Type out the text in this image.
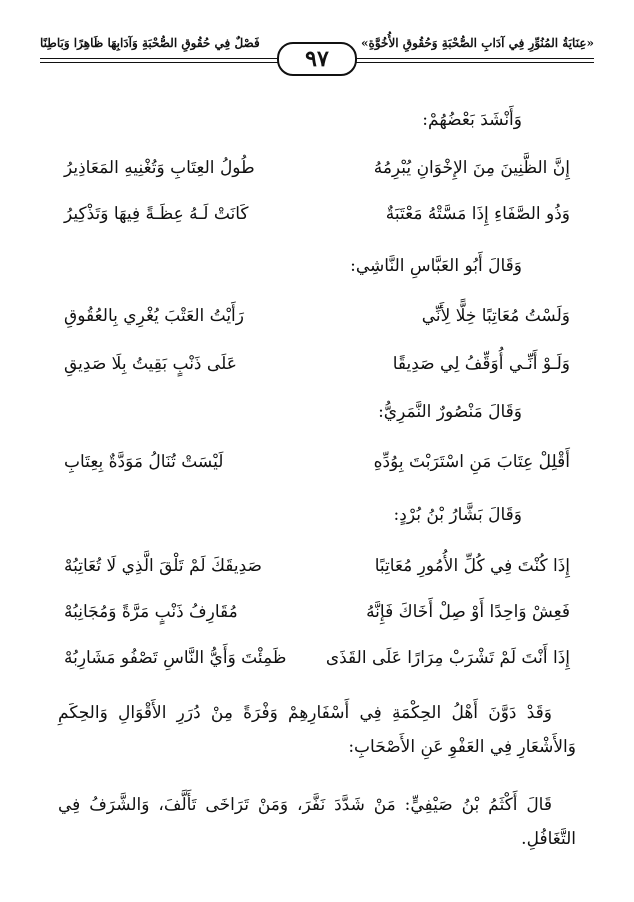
«عِنَايَةُ المُنُوِّرِ فِي آدَابِ الصُّحْبَةِ وَحُقُوقِ الأُخُوَّةِ»
فَصْلٌ فِي حُقُوقِ الصُّحْبَةِ وَآدَابِهَا ظَاهِرًا وَبَاطِنًا
٩٧
وَأَنْشَدَ بَعْضُهُمْ:
إِنَّ الظَّنِينَ مِنَ الإِخْوَانِ يُبْرِمُهُ
طُولُ العِتَابِ وَتُغْنِيهِ المَعَاذِيرُ
وَذُو الصَّفَاءِ إِذَا مَسَّتْهُ مَعْتَبَةٌ
كَانَتْ لَـهُ عِظَـةً فِيهَا وَتَذْكِيرُ
وَقَالَ أَبُو العَبَّاسِ النَّاشِي:
وَلَسْتُ مُعَاتِبًا خِلًّا لِأَنِّي
رَأَيْتُ العَتْبَ يُغْرِي بِالعُقُوقِ
وَلَـوْ أَنِّـي أُوَقِّفُ لِي صَدِيقًا
عَلَى ذَنْبٍ بَقِيتُ بِلَا صَدِيقِ
وَقَالَ مَنْصُورٌ النَّمَرِيُّ:
أَقْلِلْ عِتَابَ مَنِ اسْتَرَبْتَ بِوُدِّهِ
لَيْسَتْ تُنَالُ مَوَدَّةٌ بِعِتَابِ
وَقَالَ بَشَّارُ بْنُ بُرْدٍ:
إِذَا كُنْتَ فِي كُلِّ الأُمُورِ مُعَاتِبًا
صَدِيقَكَ لَمْ تَلْقَ الَّذِي لَا تُعَاتِبُهْ
فَعِشْ وَاحِدًا أَوْ صِلْ أَخَاكَ فَإِنَّهُ
مُقَارِفُ ذَنْبٍ مَرَّةً وَمُجَانِبُهْ
إِذَا أَنْتَ لَمْ تَشْرَبْ مِرَارًا عَلَى القَذَى
ظَمِئْتَ وَأَيُّ النَّاسِ تَصْفُو مَشَارِبُهْ

وَقَدْ دَوَّنَ أَهْلُ الحِكْمَةِ فِي أَسْفَارِهِمْ وَفْرَةً مِنْ دُرَرِ الأَقْوَالِ وَالحِكَمِ وَالأَشْعَارِ فِي العَفْوِ عَنِ الأَصْحَابِ:

قَالَ أَكْثَمُ بْنُ صَيْفِيٍّ: مَنْ شَدَّدَ نَفَّرَ، وَمَنْ تَرَاخَى تَأَلَّفَ، وَالشَّرَفُ فِي التَّغَافُلِ.
